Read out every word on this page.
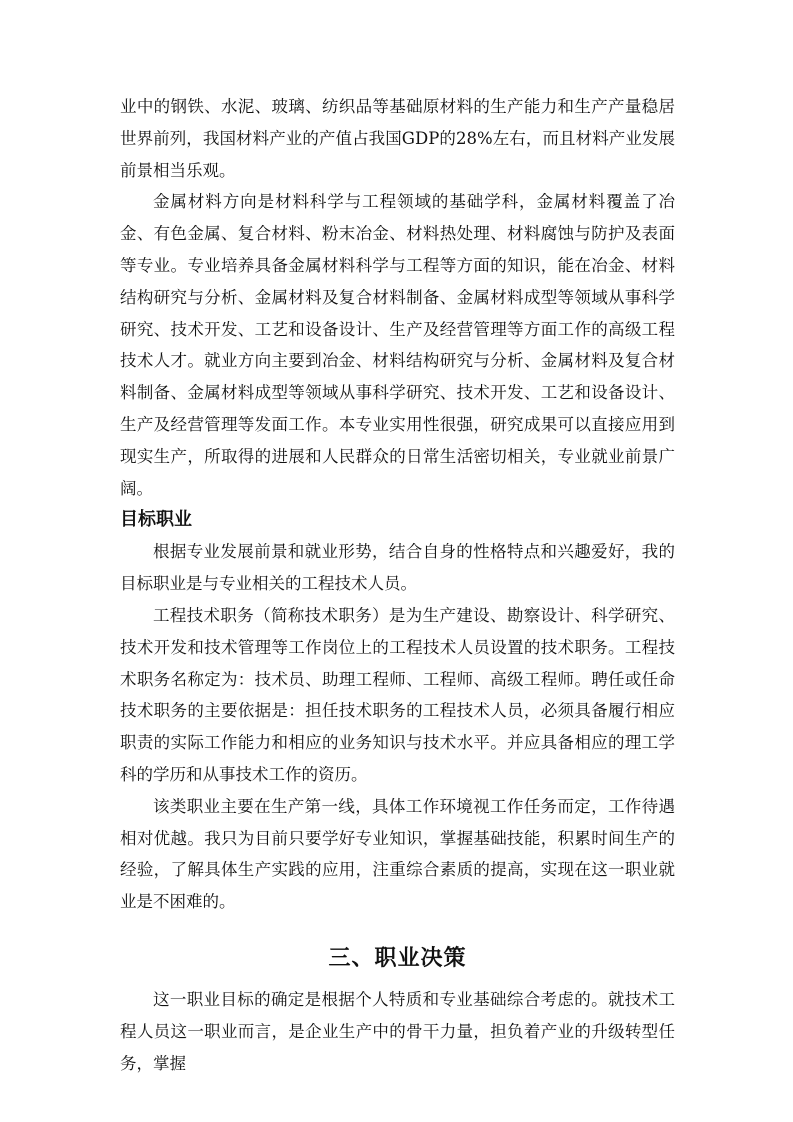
业中的钢铁、水泥、玻璃、纺织品等基础原材料的生产能力和生产产量稳居世界前列，我国材料产业的产值占我国GDP的28%左右，而且材料产业发展前景相当乐观。

金属材料方向是材料科学与工程领域的基础学科，金属材料覆盖了冶金、有色金属、复合材料、粉末冶金、材料热处理、材料腐蚀与防护及表面等专业。专业培养具备金属材料科学与工程等方面的知识，能在冶金、材料结构研究与分析、金属材料及复合材料制备、金属材料成型等领域从事科学研究、技术开发、工艺和设备设计、生产及经营管理等方面工作的高级工程技术人才。就业方向主要到冶金、材料结构研究与分析、金属材料及复合材料制备、金属材料成型等领域从事科学研究、技术开发、工艺和设备设计、生产及经营管理等发面工作。本专业实用性很强，研究成果可以直接应用到现实生产，所取得的进展和人民群众的日常生活密切相关，专业就业前景广阔。

目标职业

根据专业发展前景和就业形势，结合自身的性格特点和兴趣爱好，我的目标职业是与专业相关的工程技术人员。

工程技术职务（简称技术职务）是为生产建设、勘察设计、科学研究、技术开发和技术管理等工作岗位上的工程技术人员设置的技术职务。工程技术职务名称定为：技术员、助理工程师、工程师、高级工程师。聘任或任命技术职务的主要依据是：担任技术职务的工程技术人员，必须具备履行相应职责的实际工作能力和相应的业务知识与技术水平。并应具备相应的理工学科的学历和从事技术工作的资历。

该类职业主要在生产第一线，具体工作环境视工作任务而定，工作待遇相对优越。我只为目前只要学好专业知识，掌握基础技能，积累时间生产的经验，了解具体生产实践的应用，注重综合素质的提高，实现在这一职业就业是不困难的。

三、职业决策

这一职业目标的确定是根据个人特质和专业基础综合考虑的。就技术工程人员这一职业而言，是企业生产中的骨干力量，担负着产业的升级转型任务，掌握
